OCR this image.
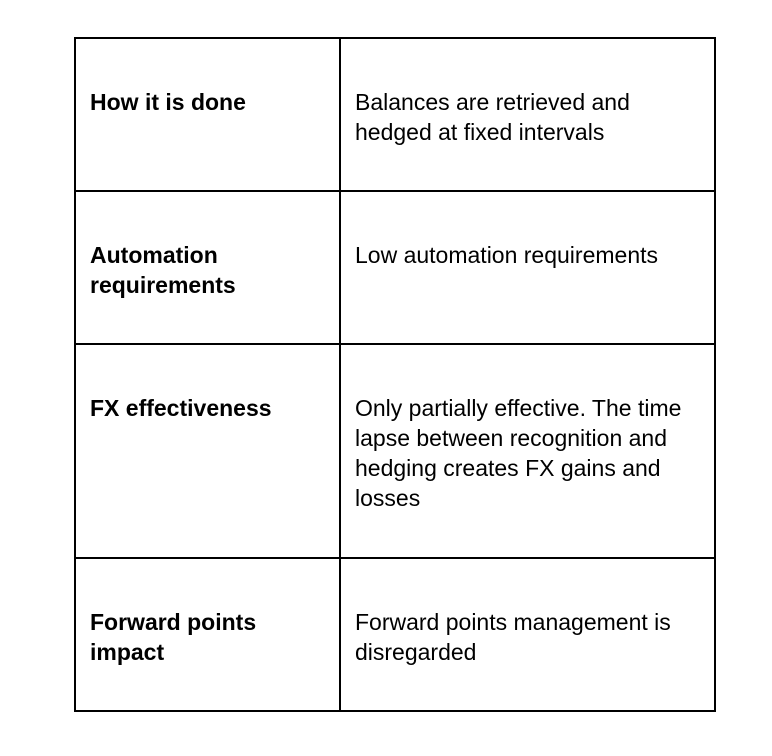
How it is done	Balances are retrieved and hedged at fixed intervals
Automation requirements	Low automation requirements
FX effectiveness	Only partially effective. The time lapse between recognition and hedging creates FX gains and losses
Forward points impact	Forward points management is disregarded
